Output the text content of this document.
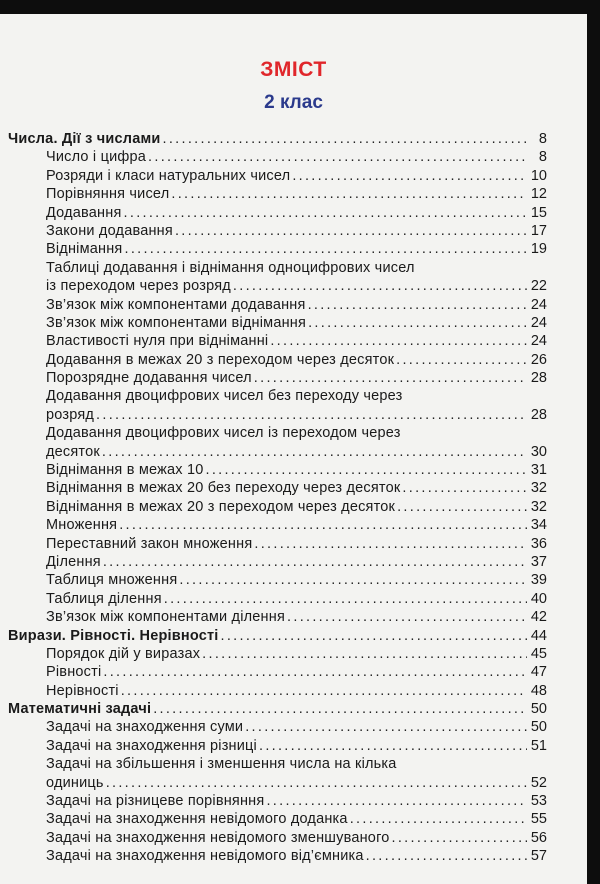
ЗМІСТ
2 клас
Числа. Дії з числами .....	8
Число і цифра .....	8
Розряди і класи натуральних чисел .....	10
Порівняння чисел .....	12
Додавання .....	15
Закони додавання .....	17
Віднімання .....	19
Таблиці додавання і віднімання одноцифрових чисел
із переходом через розряд .....	22
Зв’язок між компонентами додавання .....	24
Зв’язок між компонентами віднімання .....	24
Властивості нуля при відніманні .....	24
Додавання в межах 20 з переходом через десяток .....	26
Порозрядне додавання чисел .....	28
Додавання двоцифрових чисел без переходу через
розряд .....	28
Додавання двоцифрових чисел із переходом через
десяток .....	30
Віднімання в межах 10 .....	31
Віднімання в межах 20 без переходу через десяток .....	32
Віднімання в межах 20 з переходом через десяток .....	32
Множення .....	34
Переставний закон множення .....	36
Ділення .....	37
Таблиця множення .....	39
Таблиця ділення .....	40
Зв’язок між компонентами ділення .....	42
Вирази. Рівності. Нерівності .....	44
Порядок дій у виразах .....	45
Рівності .....	47
Нерівності .....	48
Математичні задачі .....	50
Задачі на знаходження суми .....	50
Задачі на знаходження різниці .....	51
Задачі на збільшення і зменшення числа на кілька
одиниць .....	52
Задачі на різницеве порівняння .....	53
Задачі на знаходження невідомого доданка .....	55
Задачі на знаходження невідомого зменшуваного .....	56
Задачі на знаходження невідомого від’ємника .....	57
